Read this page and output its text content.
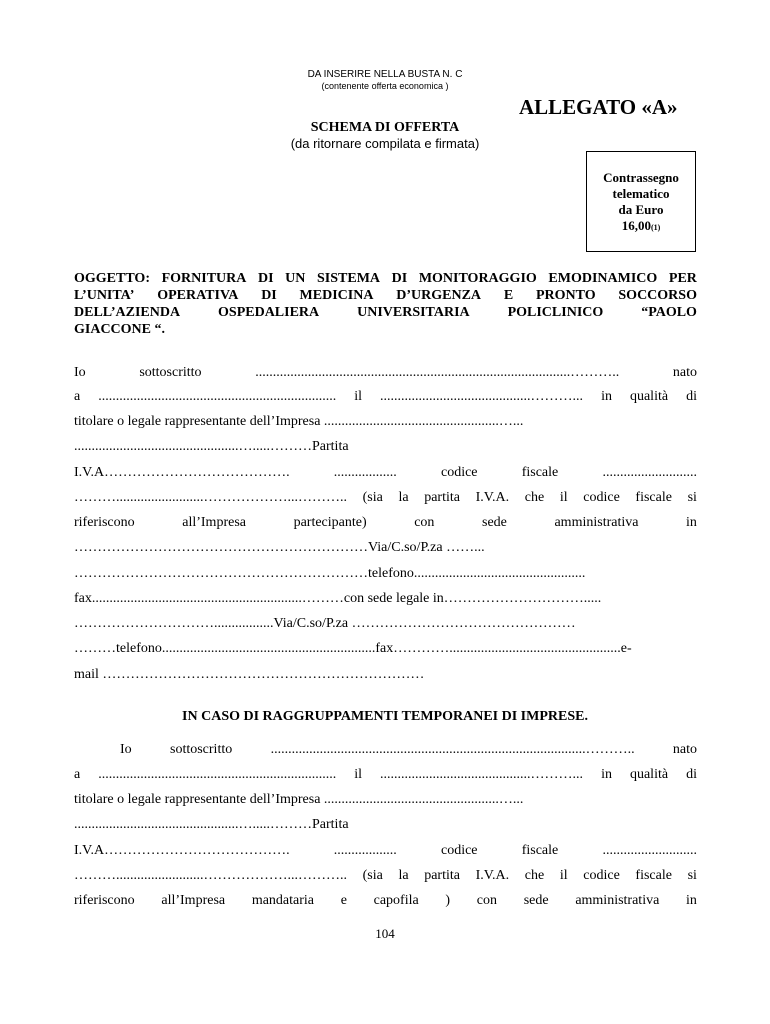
DA INSERIRE NELLA BUSTA N. C
(contenente offerta economica )
ALLEGATO «A»
SCHEMA DI OFFERTA
(da ritornare compilata e firmata)
Contrassegno
telematico
da Euro
16,00(1)
OGGETTO: FORNITURA DI UN SISTEMA DI MONITORAGGIO EMODINAMICO PER
L’UNITA’ OPERATIVA DI MEDICINA D’URGENZA E PRONTO SOCCORSO
DELL’AZIENDA	OSPEDALIERA	UNIVERSITARIA	POLICLINICO	“PAOLO
GIACCONE “.
Io	sottoscritto	..........................................................................................………..	nato
a .................................................................... il ...........................................………... in qualità di
titolare o legale rappresentante dell’Impresa ..................................................…...
...............................................….....………Partita
I.V.A………………………………….	..................	codice	fiscale	...........................
……….........................………………...……….. (sia la partita I.V.A. che il codice fiscale si
riferiscono	all’Impresa	partecipante)	con	sede	amministrativa	in
………………………………………………………Via/C.so/P.za ……...
………………………………………………………telefono.................................................
fax............................................................………con sede legale in………………………….....
………………………….................Via/C.so/P.za …………………………………………
………telefono.............................................................fax………….................................................e-
mail ……………………………………………………………
IN CASO DI RAGGRUPPAMENTI TEMPORANEI DI IMPRESE.
Io	sottoscritto	..........................................................................................………..	nato
a .................................................................... il ...........................................………... in qualità di
titolare o legale rappresentante dell’Impresa ..................................................…...
...............................................….....………Partita
I.V.A………………………………….	..................	codice	fiscale	...........................
……….........................………………...……….. (sia la partita I.V.A. che il codice fiscale si
riferiscono all’Impresa mandataria e capofila ) con sede amministrativa in
104
